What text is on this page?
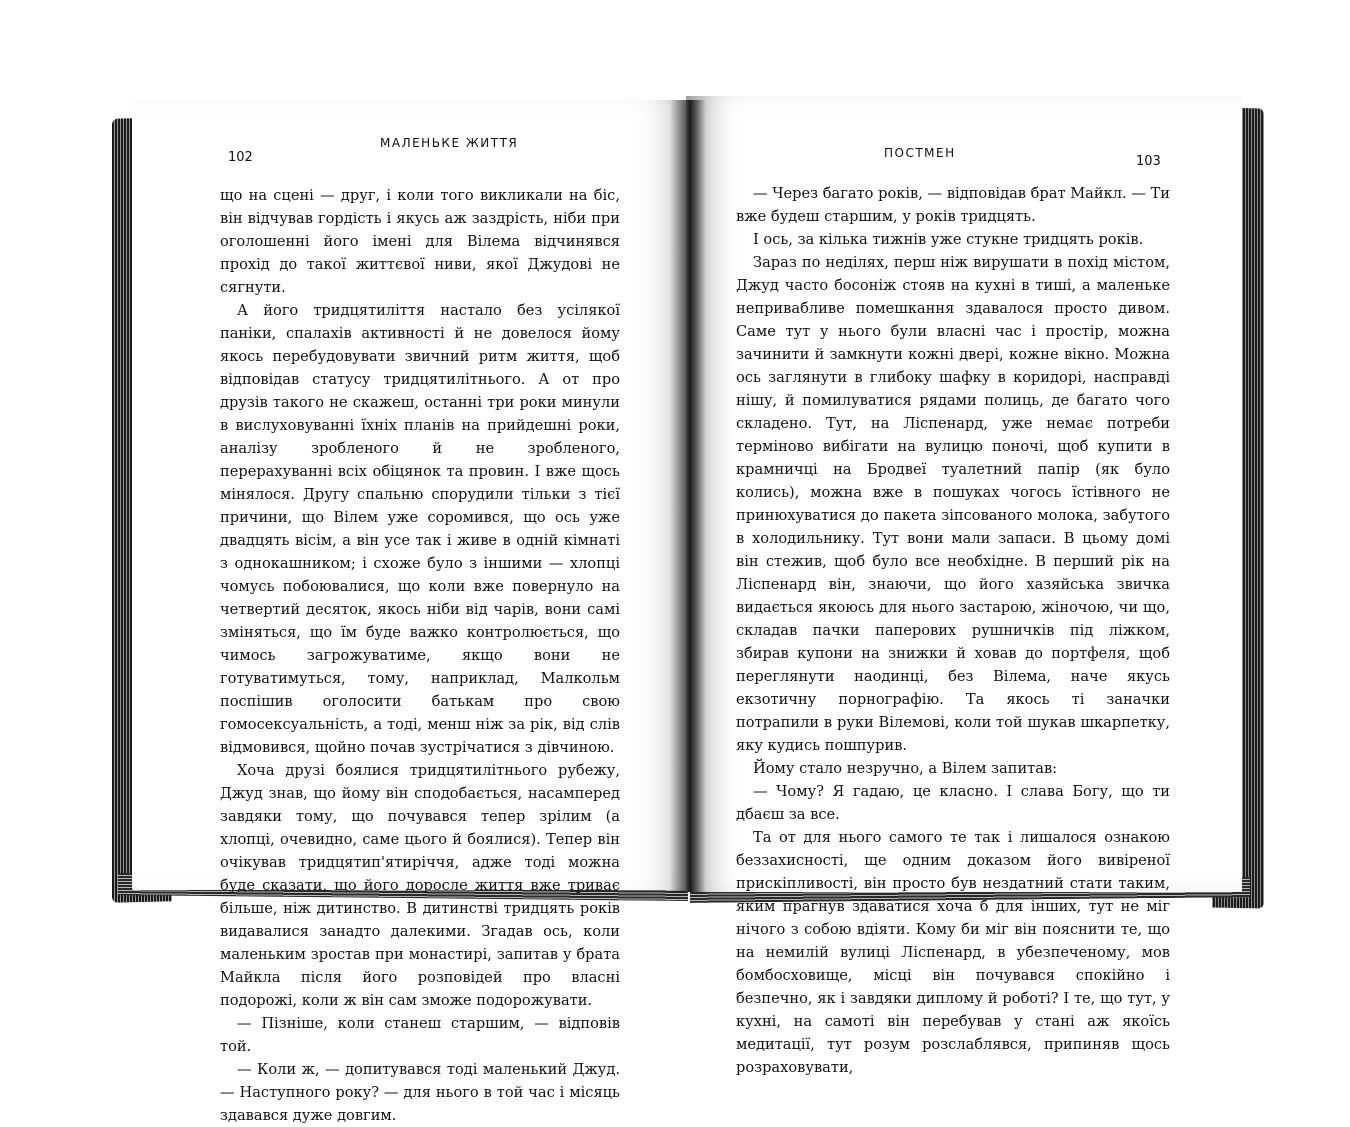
102
МАЛЕНЬКЕ ЖИТТЯ

що на сцені — друг, і коли того викликали на біс, він відчував гордість і якусь аж заздрість, ніби при оголошенні його імені для Вілема відчинявся прохід до такої життєвої ниви, якої Джудові не сягнути.

А його тридцятиліття настало без усілякої паніки, спалахів активності й не довелося йому якось перебудовувати звичний ритм життя, щоб відповідав статусу тридцятилітнього. А от про друзів такого не скажеш, останні три роки минули в вислуховуванні їхніх планів на прийдешні роки, аналізу зробленого й не зробленого, перерахуванні всіх обіцянок та провин. І вже щось мінялося. Другу спальню спорудили тільки з тієї причини, що Вілем уже соромився, що ось уже двадцять вісім, а він усе так і живе в одній кімнаті з однокашником; і схоже було з іншими — хлопці чомусь побоювалися, що коли вже повернуло на четвертий десяток, якось ніби від чарів, вони самі зміняться, що їм буде важко контролюється, що чимось загрожуватиме, якщо вони не готуватимуться, тому, наприклад, Малкольм поспішив оголосити батькам про свою гомосексуальність, а тоді, менш ніж за рік, від слів відмовився, щойно почав зустрічатися з дівчиною.

Хоча друзі боялися тридцятилітнього рубежу, Джуд знав, що йому він сподобається, насамперед завдяки тому, що почувався тепер зрілим (а хлопці, очевидно, саме цього й боялися). Тепер він очікував тридцятип'ятиріччя, адже тоді можна буде сказати, що його доросле життя вже триває більше, ніж дитинство. В дитинстві тридцять років видавалися занадто далекими. Згадав ось, коли маленьким зростав при монастирі, запитав у брата Майкла після його розповідей про власні подорожі, коли ж він сам зможе подорожувати.

— Пізніше, коли станеш старшим, — відповів той.

— Коли ж, — допитувався тоді маленький Джуд. — Наступного року? — для нього в той час і місяць здавався дуже довгим.

ПОСТМЕН
103

— Через багато років, — відповідав брат Майкл. — Ти вже будеш старшим, у років тридцять.

І ось, за кілька тижнів уже стукне тридцять років.

Зараз по неділях, перш ніж вирушати в похід містом, Джуд часто босоніж стояв на кухні в тиші, а маленьке непривабливе помешкання здавалося просто дивом. Саме тут у нього були власні час і простір, можна зачинити й замкнути кожні двері, кожне вікно. Можна ось заглянути в глибоку шафку в коридорі, насправді нішу, й помилуватися рядами полиць, де багато чого складено. Тут, на Ліспенард, уже немає потреби терміново вибігати на вулицю поночі, щоб купити в крамничці на Бродвеї туалетний папір (як було колись), можна вже в пошуках чогось їстівного не принюхуватися до пакета зіпсованого молока, забутого в холодильнику. Тут вони мали запаси. В цьому домі він стежив, щоб було все необхідне. В перший рік на Ліспенард він, знаючи, що його хазяйська звичка видається якоюсь для нього застарою, жіночою, чи що, складав пачки паперових рушничків під ліжком, збирав купони на знижки й ховав до портфеля, щоб переглянути наодинці, без Вілема, наче якусь екзотичну порнографію. Та якось ті заначки потрапили в руки Вілемові, коли той шукав шкарпетку, яку кудись пошпурив.

Йому стало незручно, а Вілем запитав:

— Чому? Я гадаю, це класно. І слава Богу, що ти дбаєш за все.

Та от для нього самого те так і лишалося ознакою беззахисності, ще одним доказом його вивіреної прискіпливості, він просто був нездатний стати таким, яким прагнув здаватися хоча б для інших, тут не міг нічого з собою вдіяти. Кому би міг він пояснити те, що на немилій вулиці Ліспенард, в убезпеченому, мов бомбосховище, місці він почувався спокійно і безпечно, як і завдяки диплому й роботі? І те, що тут, у кухні, на самоті він перебував у стані аж якоїсь медитації, тут розум розслаблявся, припиняв щось розраховувати,
